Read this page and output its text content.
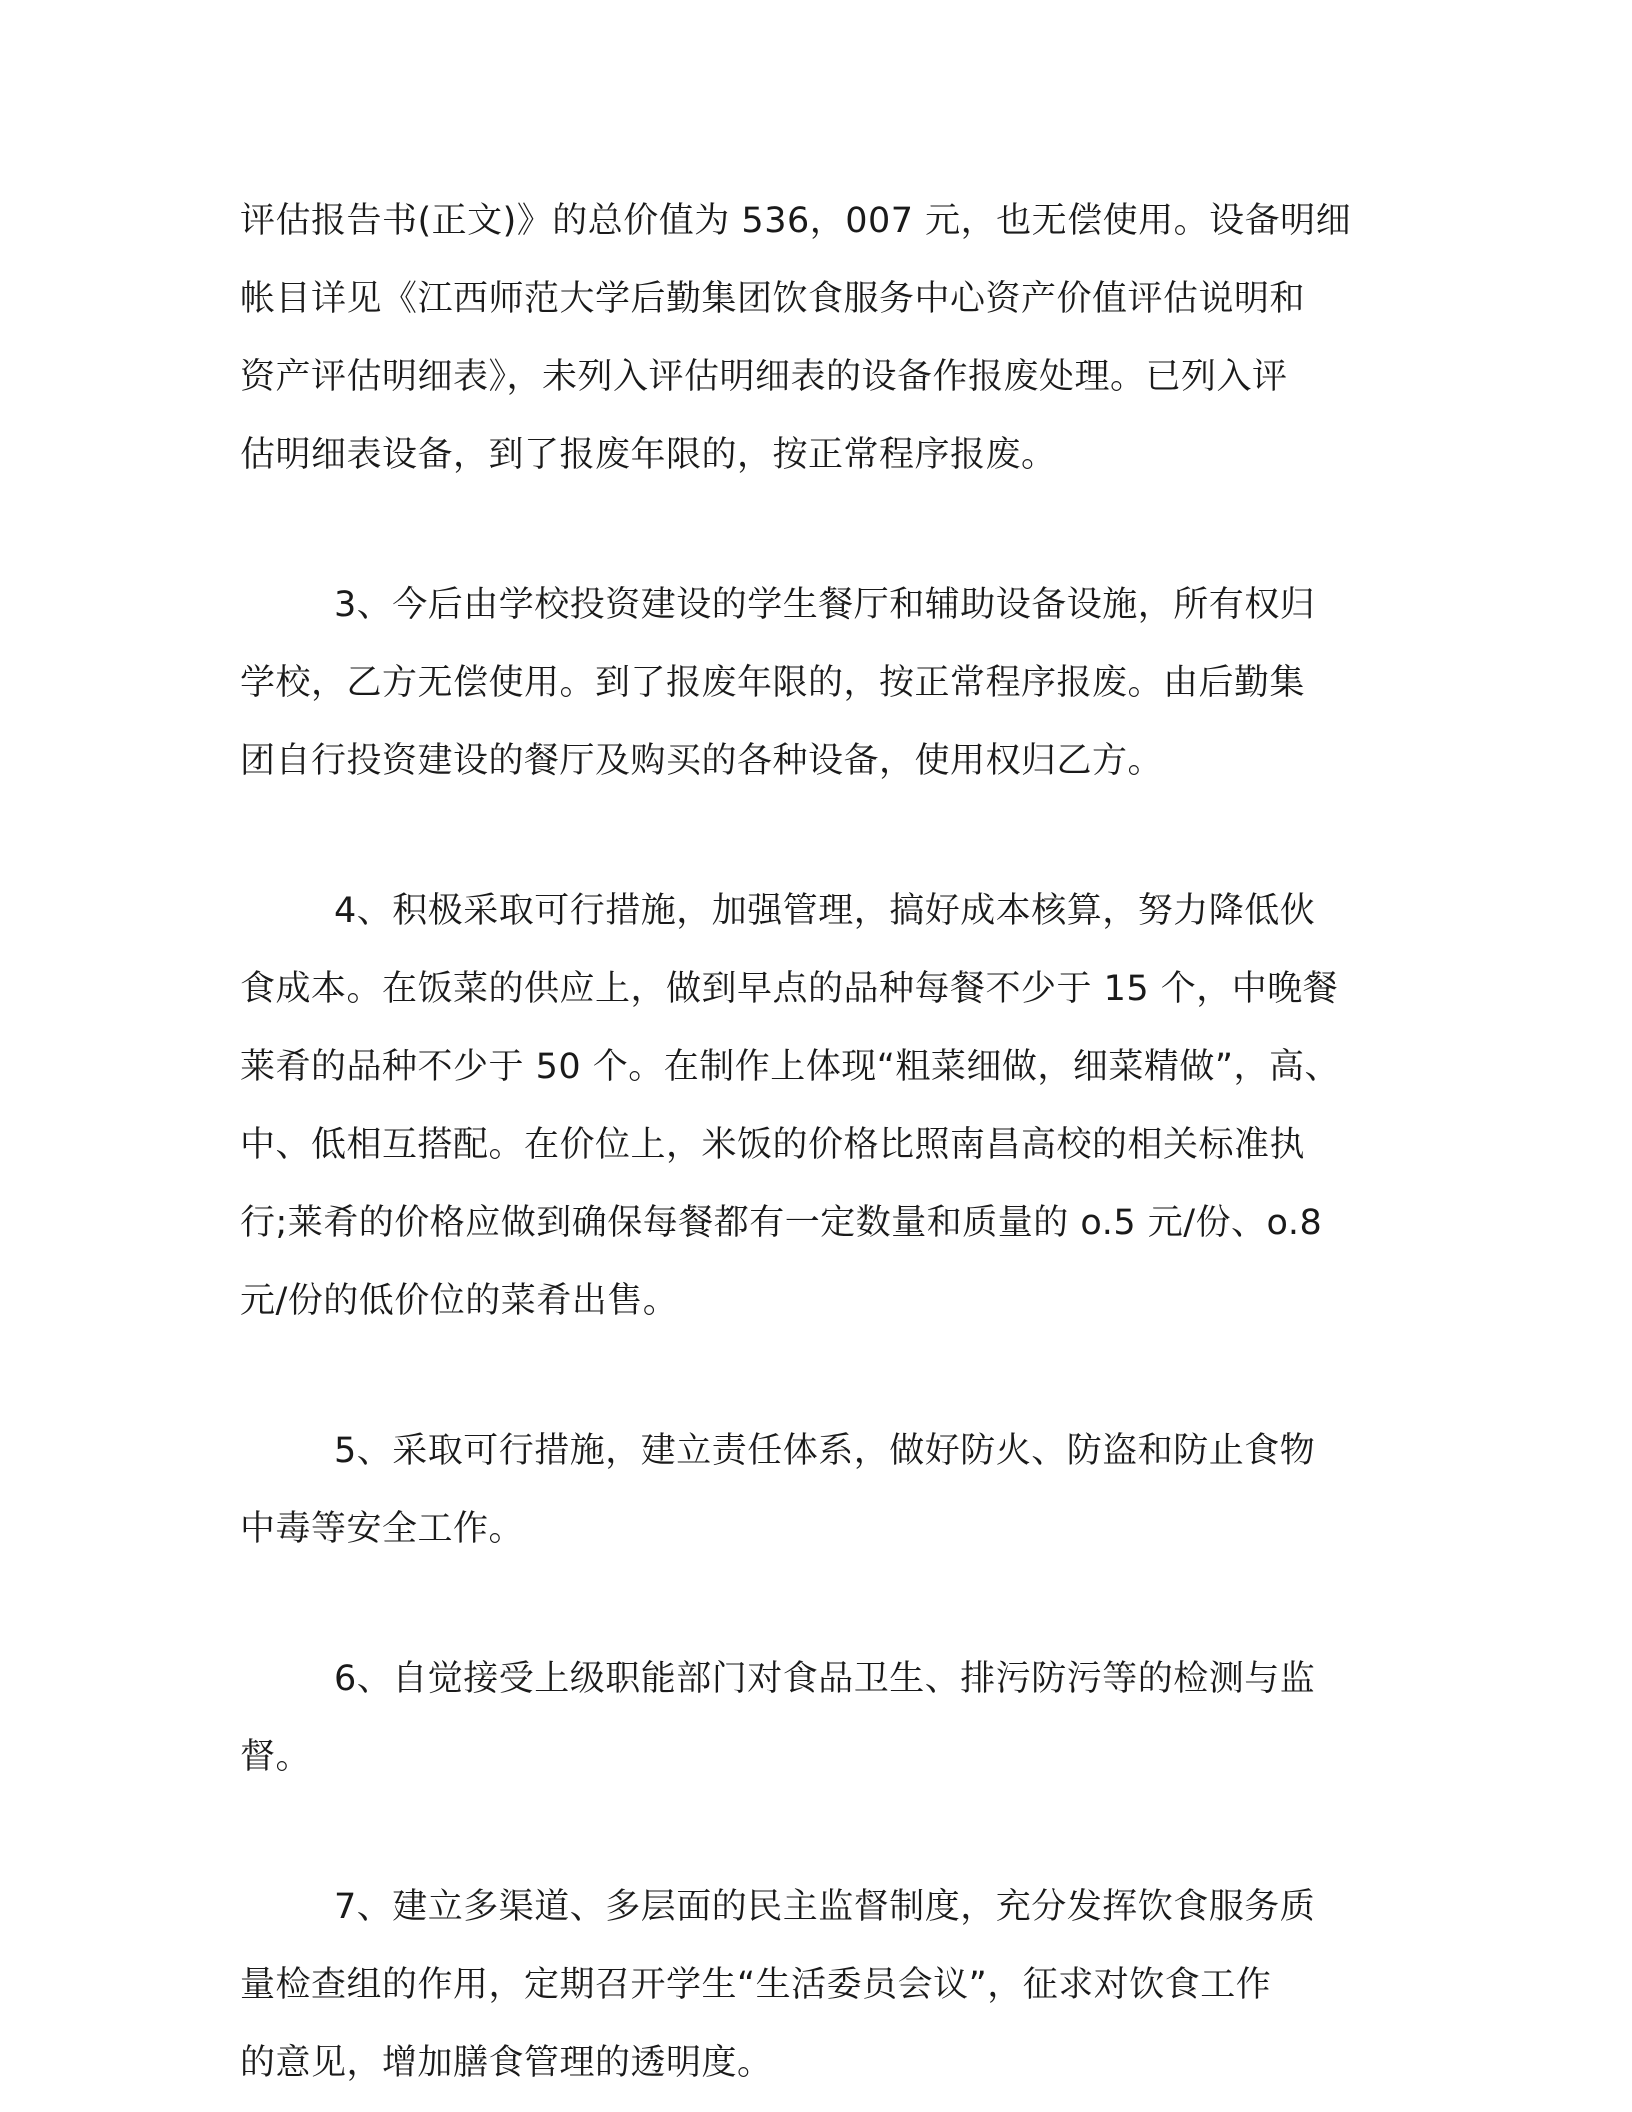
评估报告书(正文)》的总价值为 536，007 元，也无偿使用。设备明细
帐目详见《江西师范大学后勤集团饮食服务中心资产价值评估说明和
资产评估明细表》，未列入评估明细表的设备作报废处理。已列入评
估明细表设备，到了报废年限的，按正常程序报废。

3、今后由学校投资建设的学生餐厅和辅助设备设施，所有权归
学校，乙方无偿使用。到了报废年限的，按正常程序报废。由后勤集
团自行投资建设的餐厅及购买的各种设备，使用权归乙方。

4、积极采取可行措施，加强管理，搞好成本核算，努力降低伙
食成本。在饭菜的供应上，做到早点的品种每餐不少于 15 个，中晚餐
莱肴的品种不少于 50 个。在制作上体现“粗菜细做，细菜精做”，高、
中、低相互搭配。在价位上，米饭的价格比照南昌高校的相关标准执
行;莱肴的价格应做到确保每餐都有一定数量和质量的 o.5 元/份、o.8
元/份的低价位的菜肴出售。

5、采取可行措施，建立责任体系，做好防火、防盗和防止食物
中毒等安全工作。

6、自觉接受上级职能部门对食品卫生、排污防污等的检测与监
督。

7、建立多渠道、多层面的民主监督制度，充分发挥饮食服务质
量检查组的作用，定期召开学生“生活委员会议”，征求对饮食工作
的意见，增加膳食管理的透明度。
